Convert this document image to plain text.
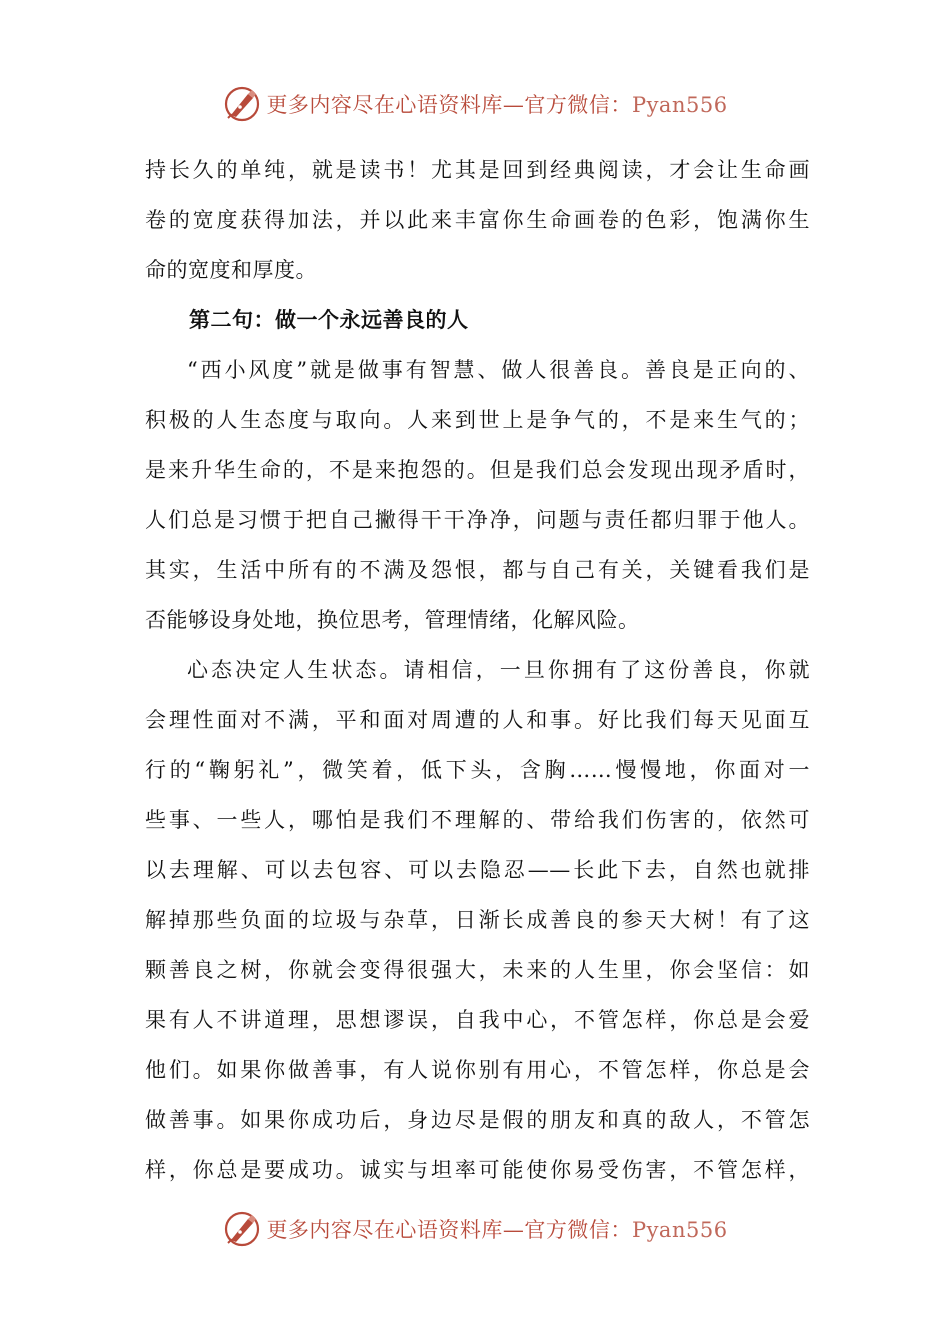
更多内容尽在心语资料库—官方微信：Pyan556
持长久的单纯，就是读书！尤其是回到经典阅读，才会让生命画
卷的宽度获得加法，并以此来丰富你生命画卷的色彩，饱满你生
命的宽度和厚度。
第二句：做一个永远善良的人
“西小风度”就是做事有智慧、做人很善良。善良是正向的、
积极的人生态度与取向。人来到世上是争气的，不是来生气的；
是来升华生命的，不是来抱怨的。但是我们总会发现出现矛盾时，
人们总是习惯于把自己撇得干干净净，问题与责任都归罪于他人。
其实，生活中所有的不满及怨恨，都与自己有关，关键看我们是
否能够设身处地，换位思考，管理情绪，化解风险。
心态决定人生状态。请相信，一旦你拥有了这份善良，你就
会理性面对不满，平和面对周遭的人和事。好比我们每天见面互
行的“鞠躬礼”，微笑着，低下头，含胸……慢慢地，你面对一
些事、一些人，哪怕是我们不理解的、带给我们伤害的，依然可
以去理解、可以去包容、可以去隐忍——长此下去，自然也就排
解掉那些负面的垃圾与杂草，日渐长成善良的参天大树！有了这
颗善良之树，你就会变得很强大，未来的人生里，你会坚信：如
果有人不讲道理，思想谬误，自我中心，不管怎样，你总是会爱
他们。如果你做善事，有人说你别有用心，不管怎样，你总是会
做善事。如果你成功后，身边尽是假的朋友和真的敌人，不管怎
样，你总是要成功。诚实与坦率可能使你易受伤害，不管怎样，
更多内容尽在心语资料库—官方微信：Pyan556
